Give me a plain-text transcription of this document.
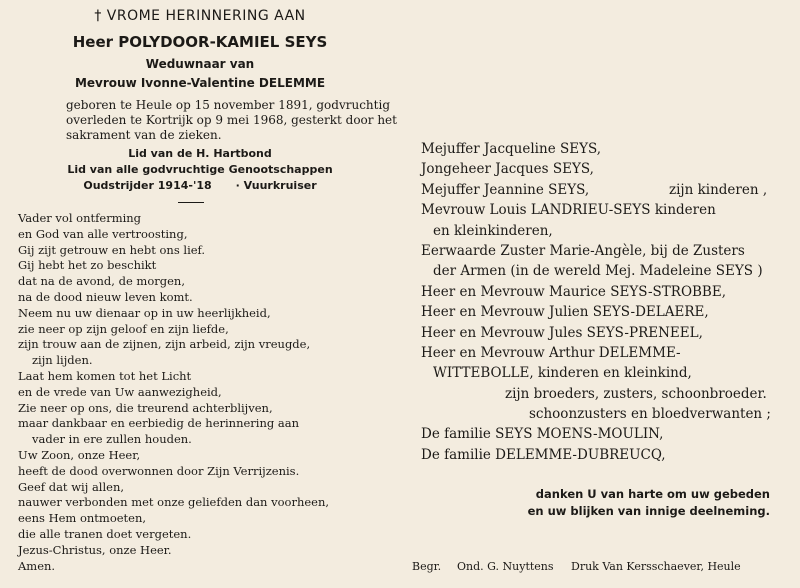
† VROME HERINNERING AAN
Heer POLYDOOR-KAMIEL SEYS
Weduwnaar van
Mevrouw Ivonne-Valentine DELEMME
geboren te Heule op 15 november 1891, godvruchtig
overleden te Kortrijk op 9 mei 1968, gesterkt door het
sakrament van de zieken.
Lid van de H. Hartbond
Lid van alle godvruchtige Genootschappen
Oudstrijder 1914-'18 · Vuurkruiser
Vader vol ontferming
en God van alle vertroosting,
Gij zijt getrouw en hebt ons lief.
Gij hebt het zo beschikt
dat na de avond, de morgen,
na de dood nieuw leven komt.
Neem nu uw dienaar op in uw heerlijkheid,
zie neer op zijn geloof en zijn liefde,
zijn trouw aan de zijnen, zijn arbeid, zijn vreugde,
zijn lijden.
Laat hem komen tot het Licht
en de vrede van Uw aanwezigheid,
Zie neer op ons, die treurend achterblijven,
maar dankbaar en eerbiedig de herinnering aan
vader in ere zullen houden.
Uw Zoon, onze Heer,
heeft de dood overwonnen door Zijn Verrijzenis.
Geef dat wij allen,
nauwer verbonden met onze geliefden dan voorheen,
eens Hem ontmoeten,
die alle tranen doet vergeten.
Jezus-Christus, onze Heer.
Amen.
Mejuffer Jacqueline SEYS,
Jongeheer Jacques SEYS,
Mejuffer Jeannine SEYS,	zijn kinderen ,
Mevrouw Louis LANDRIEU-SEYS kinderen
en kleinkinderen,
Eerwaarde Zuster Marie-Angèle, bij de Zusters
der Armen (in de wereld Mej. Madeleine SEYS )
Heer en Mevrouw Maurice SEYS-STROBBE,
Heer en Mevrouw Julien SEYS-DELAERE,
Heer en Mevrouw Jules SEYS-PRENEEL,
Heer en Mevrouw Arthur DELEMME-
WITTEBOLLE, kinderen en kleinkind,
zijn broeders, zusters, schoonbroeder.
schoonzusters en bloedverwanten ;
De familie SEYS MOENS-MOULIN,
De familie DELEMME-DUBREUCQ,
danken U van harte om uw gebeden
en uw blijken van innige deelneming.
Begr. Ond. G. Nuyttens Druk Van Kersschaever, Heule
